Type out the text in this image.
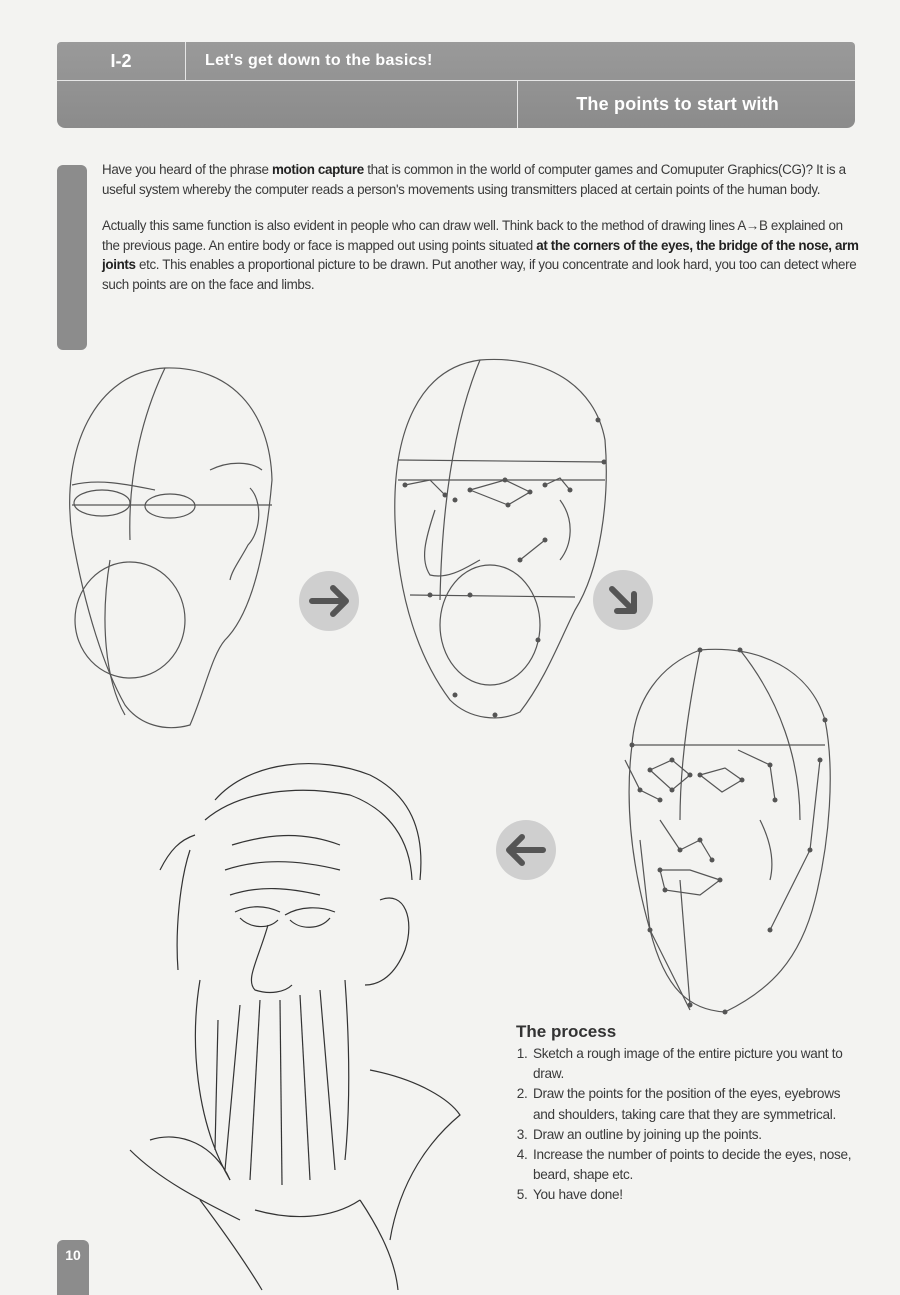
I-2	Let's get down to the basics!
The points to start with

Have you heard of the phrase motion capture that is common in the world of computer games and Comuputer Graphics(CG)? It is a useful system whereby the computer reads a person's movements using transmitters placed at certain points of the human body.

Actually this same function is also evident in people who can draw well. Think back to the method of drawing lines A→B explained on the previous page. An entire body or face is mapped out using points situated at the corners of the eyes, the bridge of the nose, arm joints etc. This enables a proportional picture to be drawn. Put another way, if you concentrate and look hard, you too can detect where such points are on the face and limbs.

The process
1. Sketch a rough image of the entire picture you want to draw.
2. Draw the points for the position of the eyes, eyebrows and shoulders, taking care that they are symmetrical.
3. Draw an outline by joining up the points.
4. Increase the number of points to decide the eyes, nose, beard, shape etc.
5. You have done!
10
